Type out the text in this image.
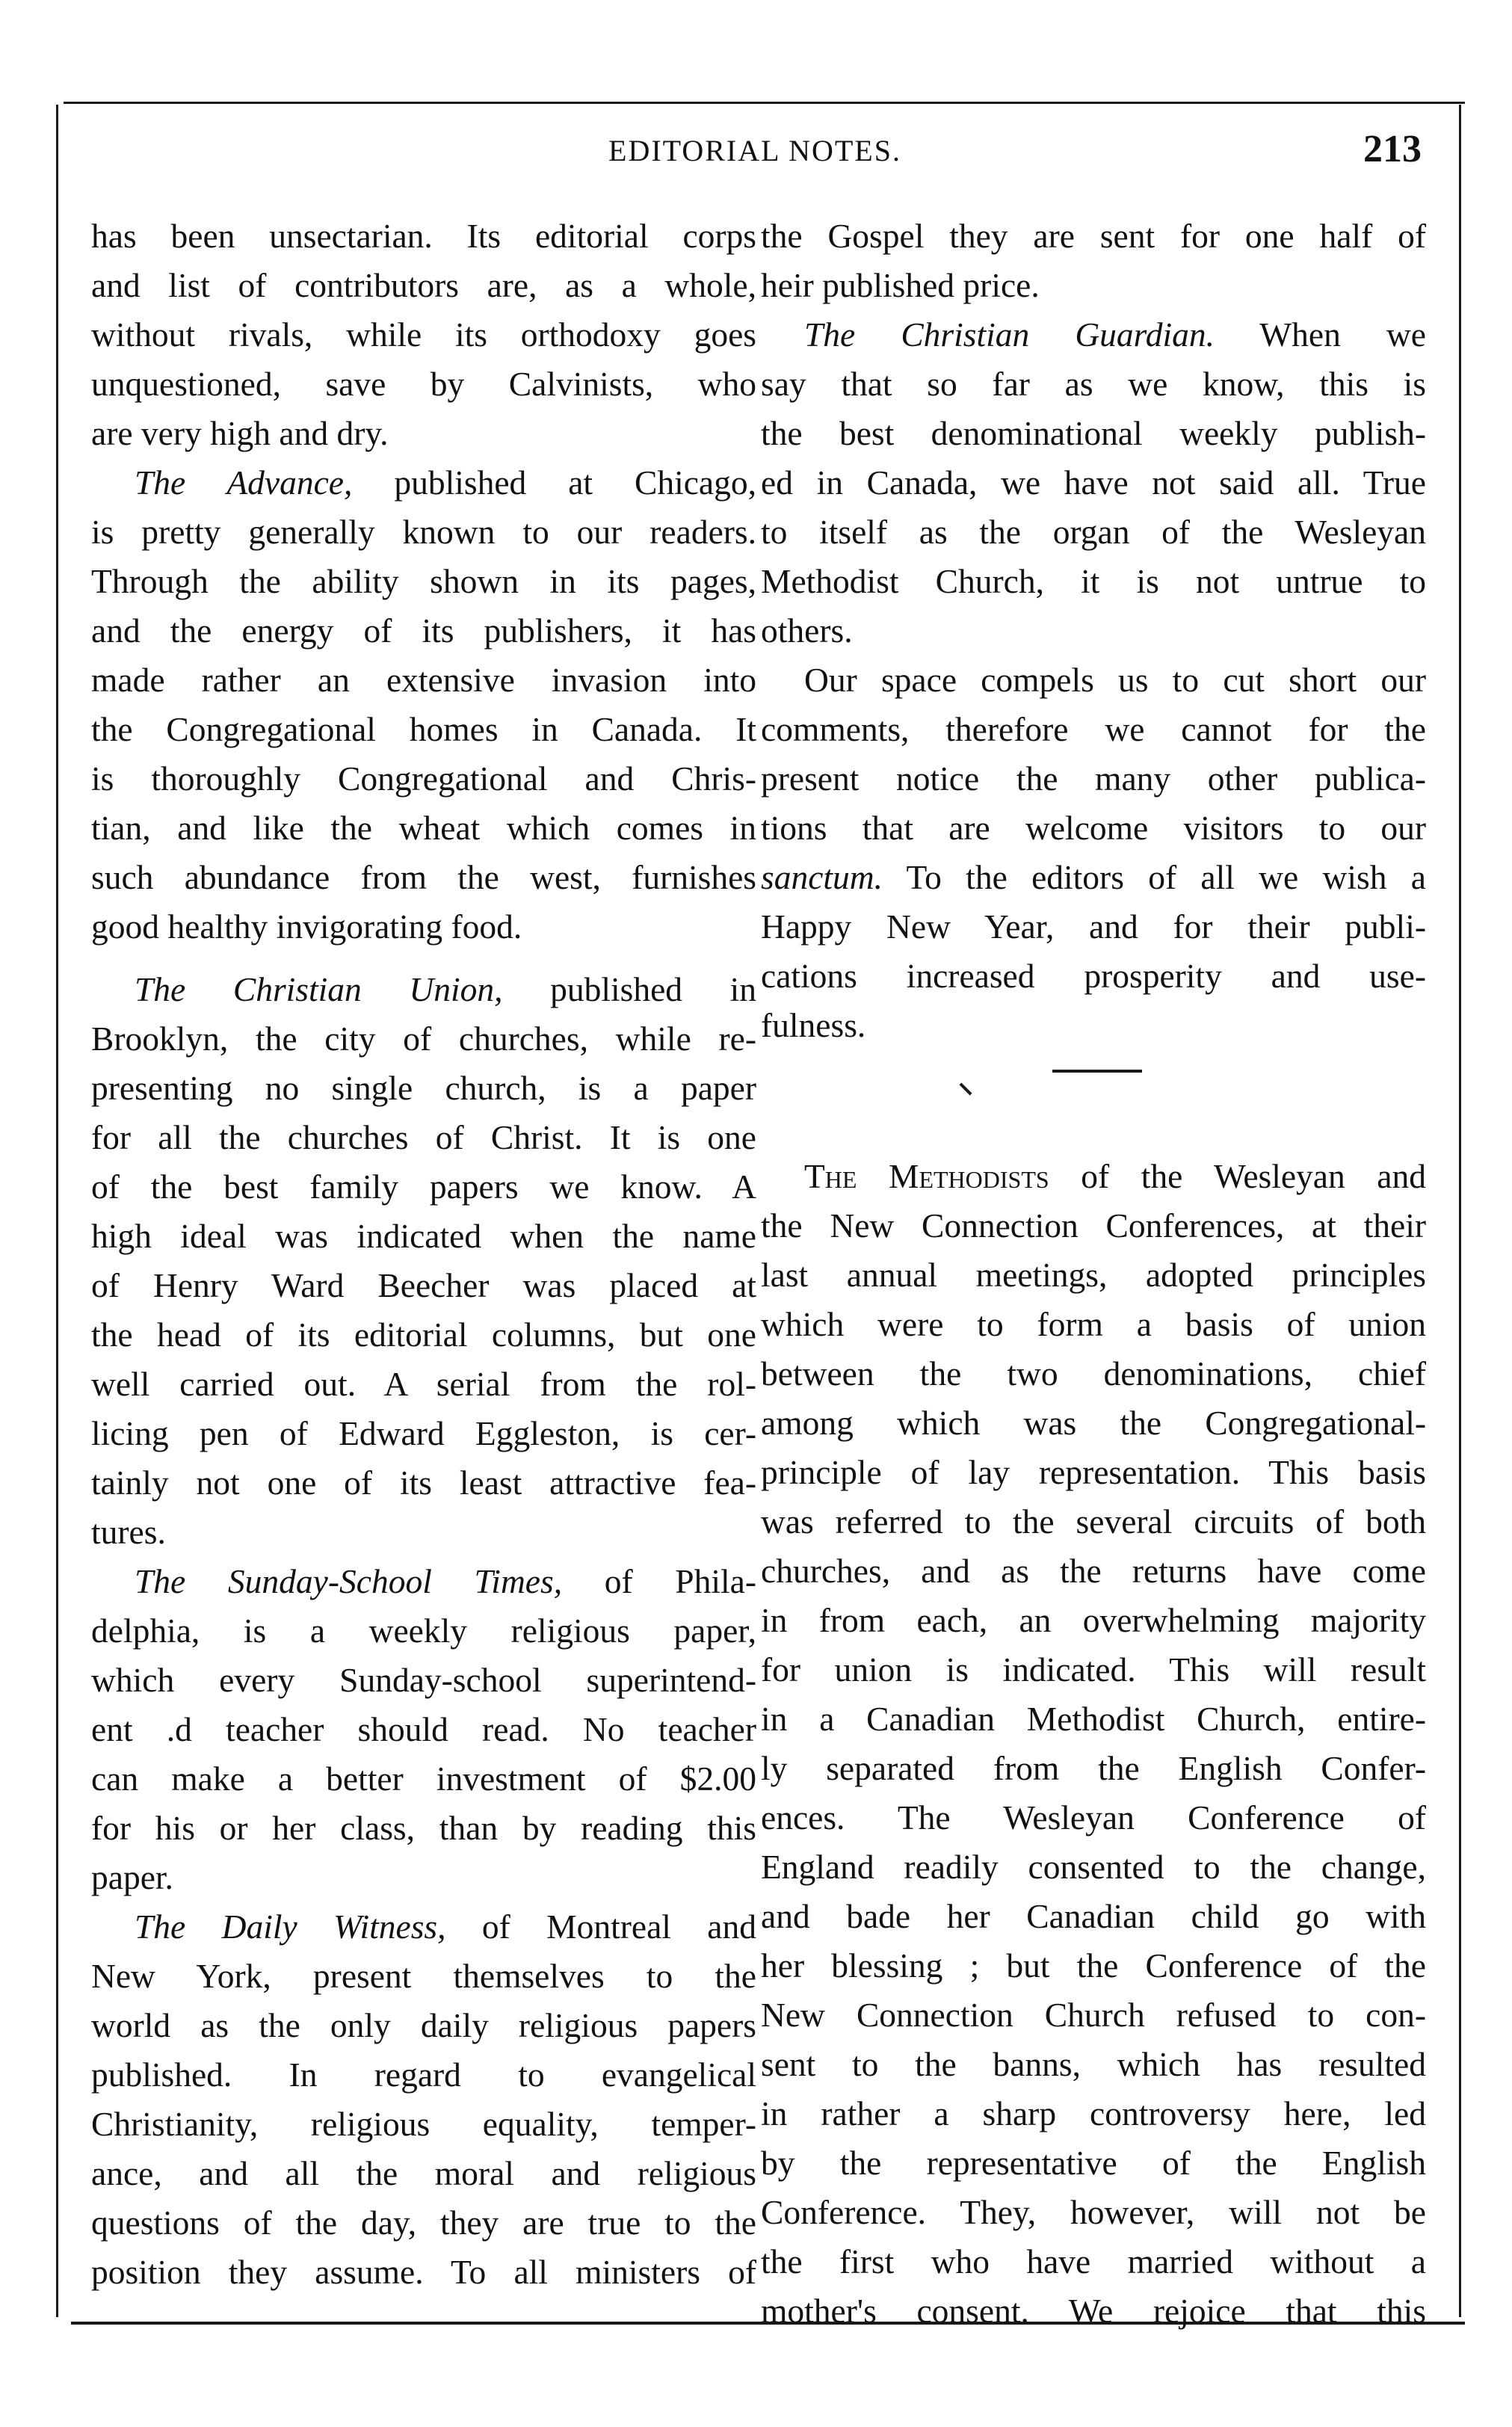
EDITORIAL NOTES.	213
has been unsectarian. Its editorial corps
and list of contributors are, as a whole,
without rivals, while its orthodoxy goes
unquestioned, save by Calvinists, who
are very high and dry.
The Advance, published at Chicago,
is pretty generally known to our readers.
Through the ability shown in its pages,
and the energy of its publishers, it has
made rather an extensive invasion into
the Congregational homes in Canada. It
is thoroughly Congregational and Chris-
tian, and like the wheat which comes in
such abundance from the west, furnishes
good healthy invigorating food.
The Christian Union, published in
Brooklyn, the city of churches, while re-
presenting no single church, is a paper
for all the churches of Christ. It is one
of the best family papers we know. A
high ideal was indicated when the name
of Henry Ward Beecher was placed at
the head of its editorial columns, but one
well carried out. A serial from the rol-
licing pen of Edward Eggleston, is cer-
tainly not one of its least attractive fea-
tures.
The Sunday-School Times, of Phila-
delphia, is a weekly religious paper,
which every Sunday-school superintend-
ent .d teacher should read. No teacher
can make a better investment of $2.00
for his or her class, than by reading this
paper.
The Daily Witness, of Montreal and
New York, present themselves to the
world as the only daily religious papers
published. In regard to evangelical
Christianity, religious equality, temper-
ance, and all the moral and religious
questions of the day, they are true to the
position they assume. To all ministers of
the Gospel they are sent for one half of
heir published price.
The Christian Guardian. When we
say that so far as we know, this is
the best denominational weekly publish-
ed in Canada, we have not said all. True
to itself as the organ of the Wesleyan
Methodist Church, it is not untrue to
others.
Our space compels us to cut short our
comments, therefore we cannot for the
present notice the many other publica-
tions that are welcome visitors to our
sanctum. To the editors of all we wish a
Happy New Year, and for their publi-
cations increased prosperity and use-
fulness.
The Methodists of the Wesleyan and
the New Connection Conferences, at their
last annual meetings, adopted principles
which were to form a basis of union
between the two denominations, chief
among which was the Congregational-
principle of lay representation. This basis
was referred to the several circuits of both
churches, and as the returns have come
in from each, an overwhelming majority
for union is indicated. This will result
in a Canadian Methodist Church, entire-
ly separated from the English Confer-
ences. The Wesleyan Conference of
England readily consented to the change,
and bade her Canadian child go with
her blessing ; but the Conference of the
New Connection Church refused to con-
sent to the banns, which has resulted
in rather a sharp controversy here, led
by the representative of the English
Conference. They, however, will not be
the first who have married without a
mother's consent. We rejoice that this
